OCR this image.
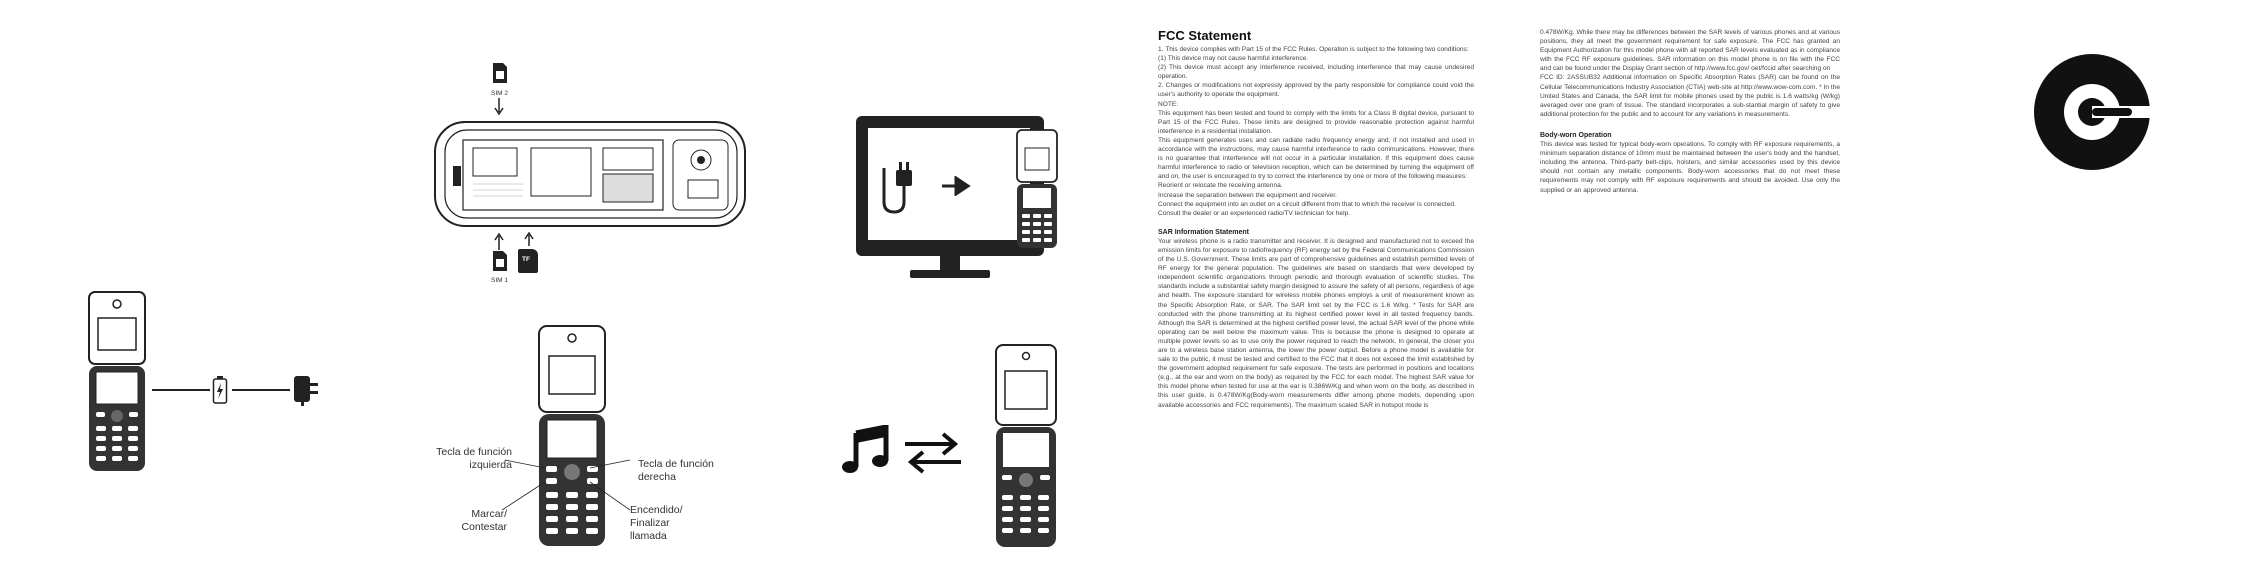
SIM 2
SIM 1
TF
Tecla de función
izquierda	Tecla de función
derecha
Marcar/
Contestar
Encendido/
Finalizar
llamada
FCC Statement

1. This device complies with Part 15 of the FCC Rules. Operation is subject to the following two conditions:

(1) This device may not cause harmful interference.

(2) This device must accept any interference received, including interference that may cause undesired operation.

2. Changes or modifications not expressly approved by the party responsible for compliance could void the user's authority to operate the equipment.

NOTE:

This equipment has been tested and found to comply with the limits for a Class B digital device, pursuant to Part 15 of the FCC Rules. These limits are designed to provide reasonable protection against harmful interference in a residential installation.

This equipment generates uses and can radiate radio frequency energy and, if not installed and used in accordance with the instructions, may cause harmful interference to radio communications. However, there is no guarantee that interference will not occur in a particular installation. If this equipment does cause harmful interference to radio or television reception, which can be determined by turning the equipment off and on, the user is encouraged to try to correct the interference by one or more of the following measures:

Reorient or relocate the receiving antenna.

Increase the separation between the equipment and receiver.

Connect the equipment into an outlet on a circuit different from that to which the receiver is connected.

Consult the dealer or an experienced radio/TV technician for help.

SAR Information Statement

Your wireless phone is a radio transmitter and receiver. It is designed and manufactured not to exceed the emission limits for exposure to radiofrequency (RF) energy set by the Federal Communications Commission of the U.S. Government. These limits are part of comprehensive guidelines and establish permitted levels of RF energy for the general population. The guidelines are based on standards that were developed by independent scientific organizations through periodic and thorough evaluation of scientific studies. The standards include a substantial safety margin designed to assure the safety of all persons, regardless of age and health. The exposure standard for wireless mobile phones employs a unit of measurement known as the Specific Absorption Rate, or SAR. The SAR limit set by the FCC is 1.6 W/kg. * Tests for SAR are conducted with the phone transmitting at its highest certified power level in all tested frequency bands. Although the SAR is determined at the highest certified power level, the actual SAR level of the phone while operating can be well below the maximum value. This is because the phone is designed to operate at multiple power levels so as to use only the power required to reach the network. In general, the closer you are to a wireless base station antenna, the lower the power output. Before a phone model is available for sale to the public, it must be tested and certified to the FCC that it does not exceed the limit established by the government adopted requirement for safe exposure. The tests are performed in positions and locations (e.g., at the ear and worn on the body) as required by the FCC for each model. The highest SAR value for this model phone when tested for use at the ear is 0.386W/Kg and when worn on the body, as described in this user guide, is 0.478W/Kg(Body-worn measurements differ among phone models, depending upon available accessories and FCC requirements). The maximum scaled SAR in hotspot mode is

0.478W/Kg. While there may be differences between the SAR levels of various phones and at various positions, they all meet the government requirement for safe exposure. The FCC has granted an Equipment Authorization for this model phone with all reported SAR levels evaluated as in compliance with the FCC RF exposure guidelines. SAR information on this model phone is on file with the FCC and can be found under the Display Grant section of http://www.fcc.gov/ oet/fccid after searching on

FCC ID: 2ASSUB32 Additional information on Specific Absorption Rates (SAR) can be found on the Cellular Telecommunications Industry Association (CTIA) web-site at http://www.wow-com.com. * In the United States and Canada, the SAR limit for mobile phones used by the public is 1.6 watts/kg (W/kg) averaged over one gram of tissue. The standard incorporates a sub-stantial margin of safety to give additional protection for the public and to account for any variations in measurements.

Body-worn Operation

This device was tested for typical body-worn operations. To comply with RF exposure requirements, a minimum separation distance of 10mm must be maintained between the user's body and the handset, including the antenna. Third-party belt-clips, holsters, and similar accessories used by this device should not contain any metallic components. Body-worn accessories that do not meet these requirements may not comply with RF exposure requirements and should be avoided. Use only the supplied or an approved antenna.
